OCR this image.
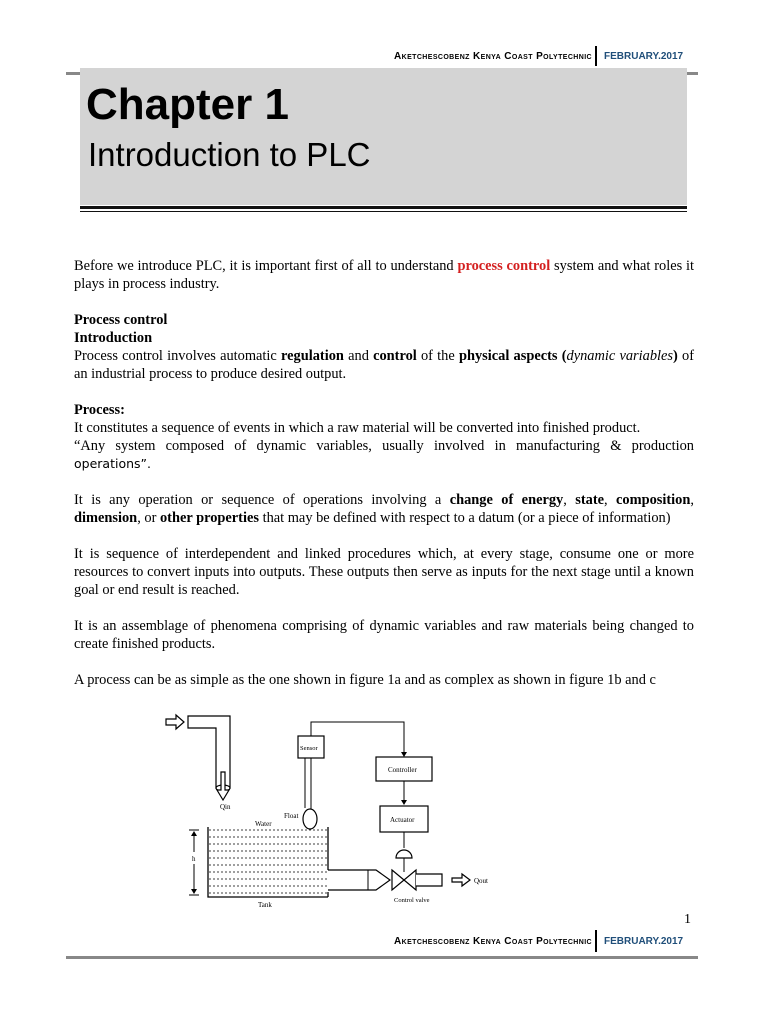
Aketchescobenz Kenya Coast Polytechnic FEBRUARY.2017
Chapter 1
Introduction to PLC

Before we introduce PLC, it is important first of all to understand process control system and what roles it plays in process industry.

Process control

Introduction

Process control involves automatic regulation and control of the physical aspects (dynamic variables) of an industrial process to produce desired output.

Process:

It constitutes a sequence of events in which a raw material will be converted into finished product.

“Any system composed of dynamic variables, usually involved in manufacturing & production operations”.

It is any operation or sequence of operations involving a change of energy, state, composition, dimension, or other properties that may be defined with respect to a datum (or a piece of information)

It is sequence of interdependent and linked procedures which, at every stage, consume one or more resources to convert inputs into outputs. These outputs then serve as inputs for the next stage until a known goal or end result is reached.

It is an assemblage of phenomena comprising of dynamic variables and raw materials being changed to create finished products.

A process can be as simple as the one shown in figure 1a and as complex as shown in figure 1b and c

Qin
Water
Tank
h
Sensor
Float
Controller
Actuator
Control valve
Qout
1
Aketchescobenz Kenya Coast Polytechnic FEBRUARY.2017
